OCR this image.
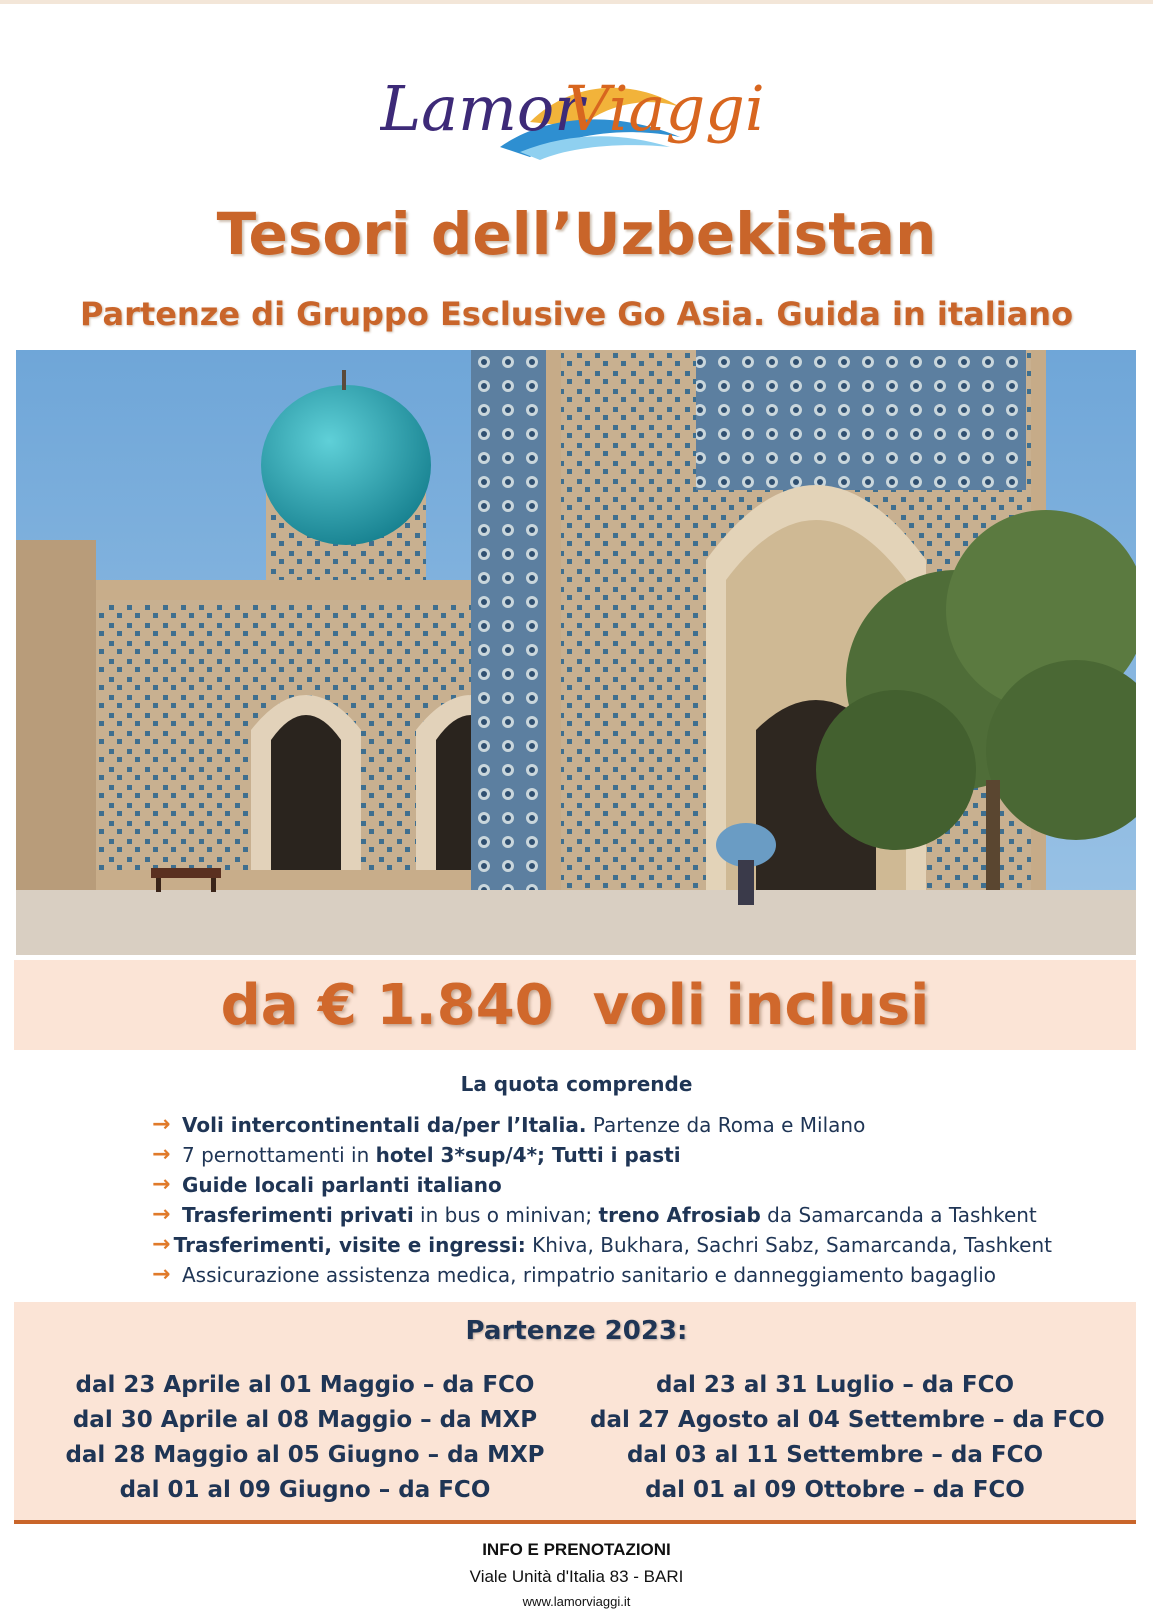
Lamor
Viaggi
Tesori dell’Uzbekistan
Partenze di Gruppo Esclusive Go Asia. Guida in italiano
da € 1.840  voli inclusi
La quota comprende
→ Voli intercontinentali da/per l’Italia. Partenze da Roma e Milano
→ 7 pernottamenti in hotel 3*sup/4*; Tutti i pasti
→ Guide locali parlanti italiano
→ Trasferimenti privati in bus o minivan; treno Afrosiab da Samarcanda a Tashkent
→ Trasferimenti, visite e ingressi: Khiva, Bukhara, Sachri Sabz, Samarcanda, Tashkent
→ Assicurazione assistenza medica, rimpatrio sanitario e danneggiamento bagaglio
Partenze 2023:
dal 23 Aprile al 01 Maggio – da FCO
dal 30 Aprile al 08 Maggio – da MXP
dal 28 Maggio al 05 Giugno – da MXP
dal 01 al 09 Giugno – da FCO
dal 23 al 31 Luglio – da FCO
dal 27 Agosto al 04 Settembre – da FCO
dal 03 al 11 Settembre – da FCO
dal 01 al 09 Ottobre – da FCO
INFO E PRENOTAZIONI
Viale Unità d'Italia 83 - BARI
www.lamorviaggi.it
